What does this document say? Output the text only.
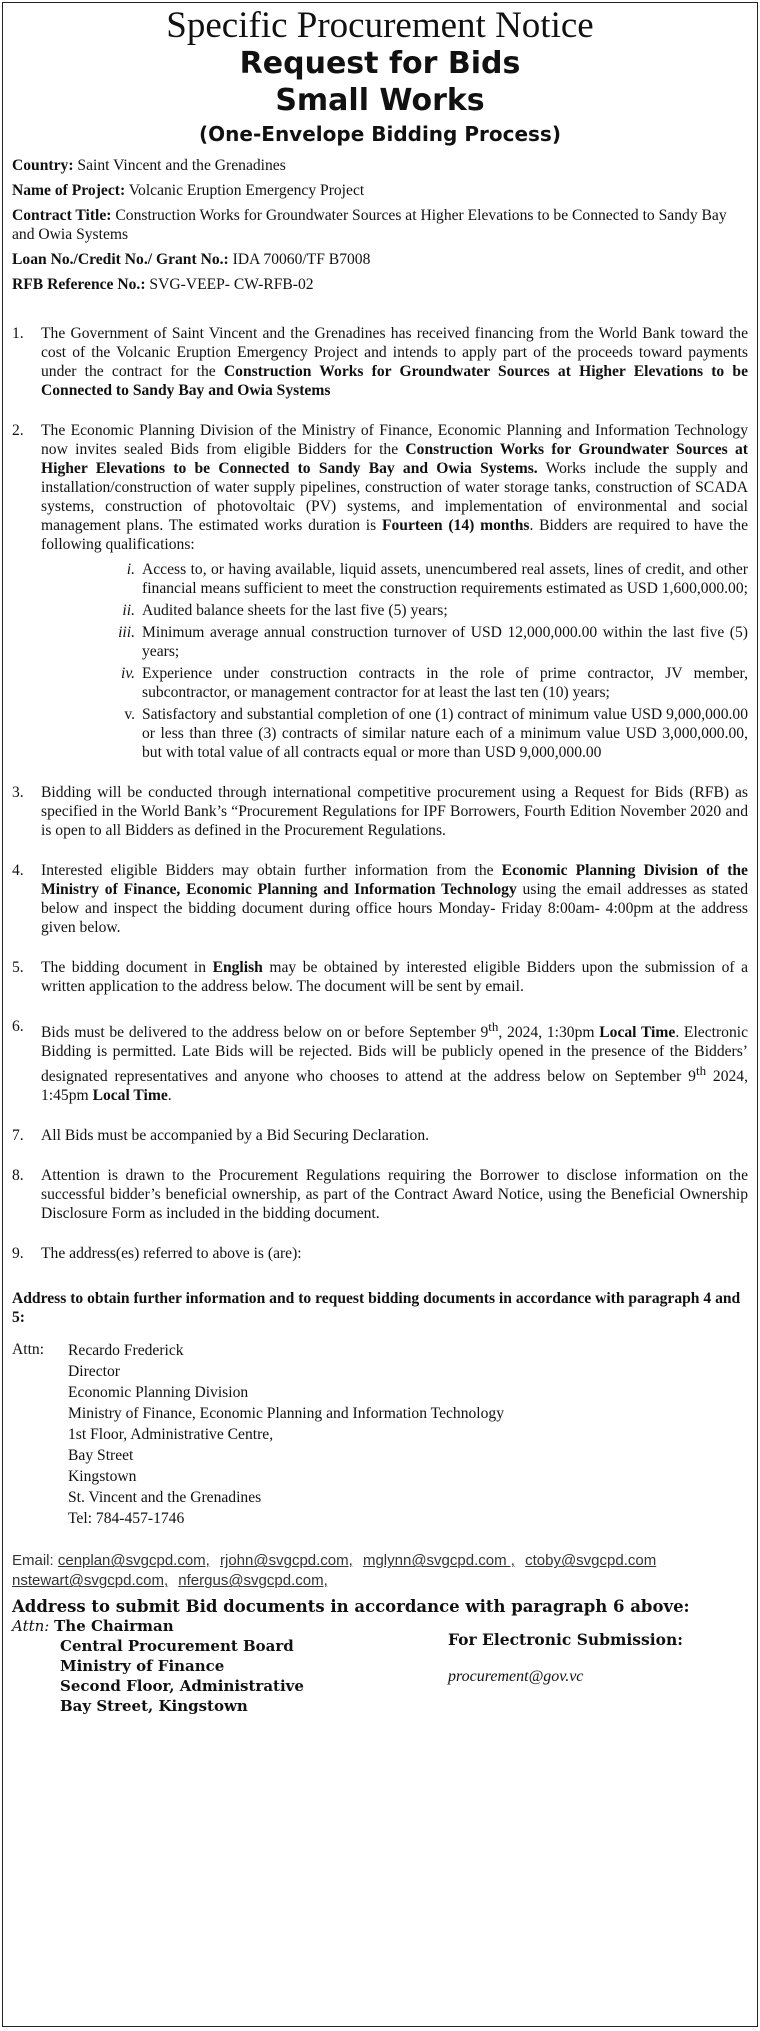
Specific Procurement Notice
Request for Bids
Small Works
(One-Envelope Bidding Process)
Country: Saint Vincent and the Grenadines
Name of Project: Volcanic Eruption Emergency Project
Contract Title: Construction Works for Groundwater Sources at Higher Elevations to be Connected to Sandy Bay and Owia Systems
Loan No./Credit No./ Grant No.: IDA 70060/TF B7008
RFB Reference No.: SVG-VEEP- CW-RFB-02
1. The Government of Saint Vincent and the Grenadines has received financing from the World Bank toward the cost of the Volcanic Eruption Emergency Project and intends to apply part of the proceeds toward payments under the contract for the Construction Works for Groundwater Sources at Higher Elevations to be Connected to Sandy Bay and Owia Systems
2. The Economic Planning Division of the Ministry of Finance, Economic Planning and Information Technology now invites sealed Bids from eligible Bidders for the Construction Works for Groundwater Sources at Higher Elevations to be Connected to Sandy Bay and Owia Systems. Works include the supply and installation/construction of water supply pipelines, construction of water storage tanks, construction of SCADA systems, construction of photovoltaic (PV) systems, and implementation of environmental and social management plans. The estimated works duration is Fourteen (14) months. Bidders are required to have the following qualifications:
i. Access to, or having available, liquid assets, unencumbered real assets, lines of credit, and other financial means sufficient to meet the construction requirements estimated as USD 1,600,000.00;
ii. Audited balance sheets for the last five (5) years;
iii. Minimum average annual construction turnover of USD 12,000,000.00 within the last five (5) years;
iv. Experience under construction contracts in the role of prime contractor, JV member, subcontractor, or management contractor for at least the last ten (10) years;
v. Satisfactory and substantial completion of one (1) contract of minimum value USD 9,000,000.00 or less than three (3) contracts of similar nature each of a minimum value USD 3,000,000.00, but with total value of all contracts equal or more than USD 9,000,000.00
3. Bidding will be conducted through international competitive procurement using a Request for Bids (RFB) as specified in the World Bank’s “Procurement Regulations for IPF Borrowers, Fourth Edition November 2020 and is open to all Bidders as defined in the Procurement Regulations.
4. Interested eligible Bidders may obtain further information from the Economic Planning Division of the Ministry of Finance, Economic Planning and Information Technology using the email addresses as stated below and inspect the bidding document during office hours Monday- Friday 8:00am- 4:00pm at the address given below.
5. The bidding document in English may be obtained by interested eligible Bidders upon the submission of a written application to the address below. The document will be sent by email.
6. Bids must be delivered to the address below on or before September 9th, 2024, 1:30pm Local Time. Electronic Bidding is permitted. Late Bids will be rejected. Bids will be publicly opened in the presence of the Bidders’ designated representatives and anyone who chooses to attend at the address below on September 9th 2024, 1:45pm Local Time.
7. All Bids must be accompanied by a Bid Securing Declaration.
8. Attention is drawn to the Procurement Regulations requiring the Borrower to disclose information on the successful bidder’s beneficial ownership, as part of the Contract Award Notice, using the Beneficial Ownership Disclosure Form as included in the bidding document.
9. The address(es) referred to above is (are):
Address to obtain further information and to request bidding documents in accordance with paragraph 4 and 5:
Attn:	Recardo Frederick
Director
Economic Planning Division
Ministry of Finance, Economic Planning and Information Technology
1st Floor, Administrative Centre,
Bay Street
Kingstown
St. Vincent and the Grenadines
Tel: 784-457-1746
Email: cenplan@svgcpd.com, rjohn@svgcpd.com, mglynn@svgcpd.com , ctoby@svgcpd.com
nstewart@svgcpd.com, nfergus@svgcpd.com,
Address to submit Bid documents in accordance with paragraph 6 above:
Attn: The Chairman
Central Procurement Board
Ministry of Finance
Second Floor, Administrative
Bay Street, Kingstown
For Electronic Submission:
procurement@gov.vc
